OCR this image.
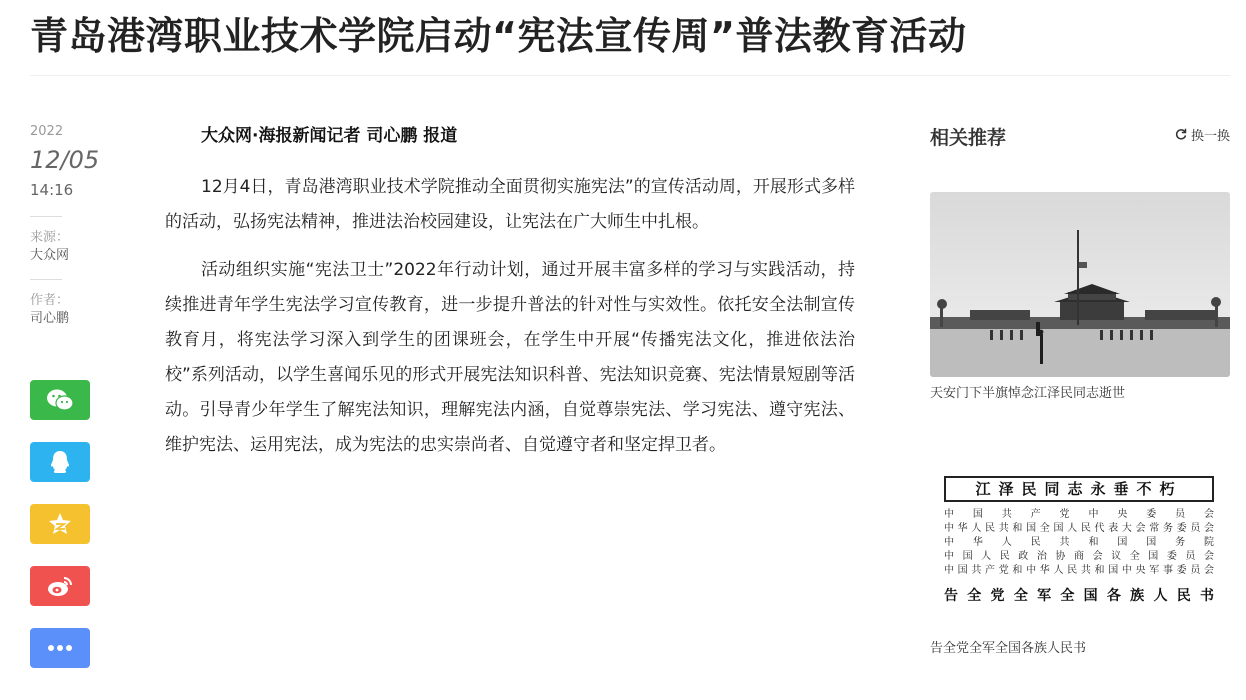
青岛港湾职业技术学院启动“宪法宣传周”普法教育活动
2022
12/05
14:16
来源：
大众网
作者：
司心鹏

大众网·海报新闻记者 司心鹏 报道

12月4日，青岛港湾职业技术学院推动全面贯彻实施宪法”的宣传活动周，开展形式多样的活动，弘扬宪法精神，推进法治校园建设，让宪法在广大师生中扎根。

活动组织实施“宪法卫士”2022年行动计划，通过开展丰富多样的学习与实践活动，持续推进青年学生宪法学习宣传教育，进一步提升普法的针对性与实效性。依托安全法制宣传教育月，将宪法学习深入到学生的团课班会，在学生中开展“传播宪法文化，推进依法治校”系列活动，以学生喜闻乐见的形式开展宪法知识科普、宪法知识竞赛、宪法情景短剧等活动。引导青少年学生了解宪法知识，理解宪法内涵，自觉尊崇宪法、学习宪法、遵守宪法、维护宪法、运用宪法，成为宪法的忠实崇尚者、自觉遵守者和坚定捍卫者。

相关推荐	换一换
天安门下半旗悼念江泽民同志逝世
江泽民同志永垂不朽
中国共产党中央委员会
中华人民共和国全国人民代表大会常务委员会
中华人民共和国国务院
中国人民政治协商会议全国委员会
中国共产党和中华人民共和国中央军事委员会
告全党全军全国各族人民书
告全党全军全国各族人民书
